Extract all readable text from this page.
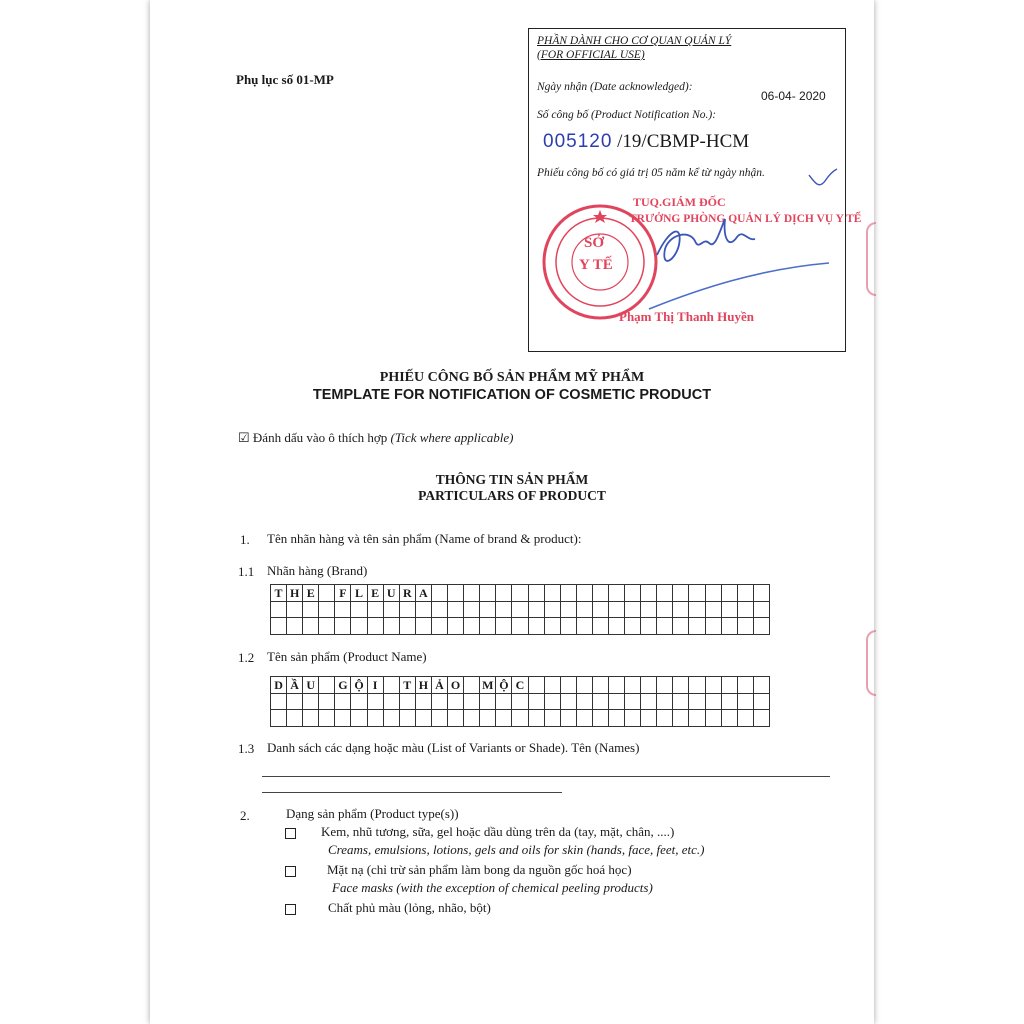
Phụ lục số 01-MP
PHẦN DÀNH CHO CƠ QUAN QUẢN LÝ
(FOR OFFICIAL USE)
Ngày nhận (Date acknowledged):
06-04- 2020
Số công bố (Product Notification No.):
005120 /19/CBMP-HCM
Phiếu công bố có giá trị 05 năm kể từ ngày nhận.
TUQ.GIÁM ĐỐC
TRƯỞNG PHÒNG QUẢN LÝ DỊCH VỤ Y TẾ
SỞ
Y TẾ
Phạm Thị Thanh Huyền
PHIẾU CÔNG BỐ SẢN PHẨM MỸ PHẨM
TEMPLATE FOR NOTIFICATION OF COSMETIC PRODUCT
☑ Đánh dấu vào ô thích hợp (Tick where applicable)
THÔNG TIN SẢN PHẨM
PARTICULARS OF PRODUCT
1. Tên nhãn hàng và tên sản phẩm (Name of brand & product):
1.1 Nhãn hàng (Brand)
T	H	E		F	L	E	U	R	A																					

1.2 Tên sản phẩm (Product Name)
D	Ầ	U		G	Ộ	I		T	H	Ả	O		M	Ộ	C															

1.3 Danh sách các dạng hoặc màu (List of Variants or Shade). Tên (Names)
2.	Dạng sản phẩm (Product type(s))
Kem, nhũ tương, sữa, gel hoặc dầu dùng trên da (tay, mặt, chân, ....)
Creams, emulsions, lotions, gels and oils for skin (hands, face, feet, etc.)
Mặt nạ (chỉ trừ sản phẩm làm bong da nguồn gốc hoá học)
Face masks (with the exception of chemical peeling products)
Chất phủ màu (lỏng, nhão, bột)
